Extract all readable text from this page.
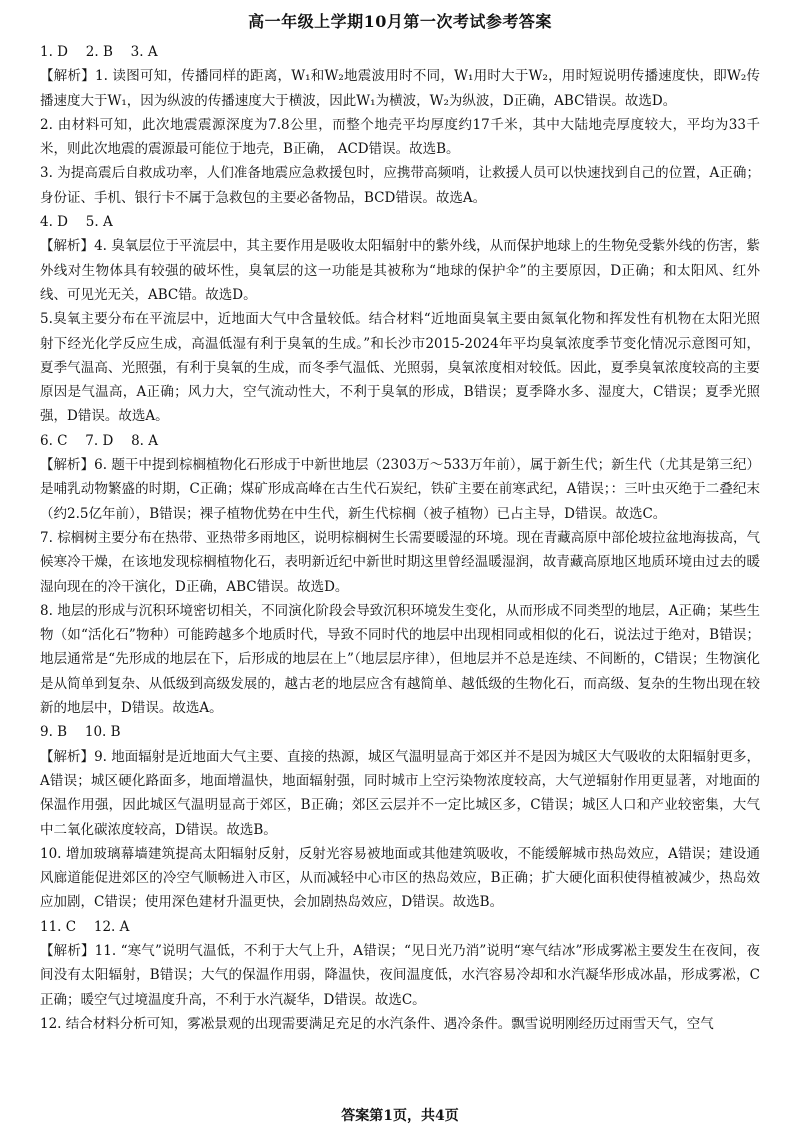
高一年级上学期10月第一次考试参考答案
1. D　 2. B　 3. A
【解析】1. 读图可知，传播同样的距离，W₁和W₂地震波用时不同，W₁用时大于W₂，用时短说明传播速度快，即W₂传播速度大于W₁，因为纵波的传播速度大于横波，因此W₁为横波，W₂为纵波，D正确，ABC错误。故选D。
2. 由材料可知，此次地震震源深度为7.8公里，而整个地壳平均厚度约17千米，其中大陆地壳厚度较大，平均为33千米，则此次地震的震源最可能位于地壳，B正确， ACD错误。故选B。
3. 为提高震后自救成功率，人们准备地震应急救援包时，应携带高频哨，让救援人员可以快速找到自己的位置，A正确；身份证、手机、银行卡不属于急救包的主要必备物品，BCD错误。故选A。
4. D　 5. A
【解析】4. 臭氧层位于平流层中，其主要作用是吸收太阳辐射中的紫外线，从而保护地球上的生物免受紫外线的伤害，紫外线对生物体具有较强的破坏性，臭氧层的这一功能是其被称为“地球的保护伞”的主要原因，D正确；和太阳风、红外线、可见光无关，ABC错。故选D。
5.臭氧主要分布在平流层中，近地面大气中含量较低。结合材料“近地面臭氧主要由氮氧化物和挥发性有机物在太阳光照射下经光化学反应生成，高温低湿有利于臭氧的生成。”和长沙市2015-2024年平均臭氧浓度季节变化情况示意图可知，夏季气温高、光照强，有利于臭氧的生成，而冬季气温低、光照弱，臭氧浓度相对较低。因此，夏季臭氧浓度较高的主要原因是气温高，A正确；风力大，空气流动性大，不利于臭氧的形成，B错误；夏季降水多、湿度大，C错误；夏季光照强，D错误。故选A。
6. C　 7. D　 8. A
【解析】6. 题干中提到棕榈植物化石形成于中新世地层（2303万～533万年前），属于新生代；新生代（尤其是第三纪）是哺乳动物繁盛的时期，C正确；煤矿形成高峰在古生代石炭纪，铁矿主要在前寒武纪，A错误；：三叶虫灭绝于二叠纪末（约2.5亿年前），B错误；裸子植物优势在中生代，新生代棕榈（被子植物）已占主导，D错误。故选C。
7. 棕榈树主要分布在热带、亚热带多雨地区，说明棕榈树生长需要暖湿的环境。现在青藏高原中部伦坡拉盆地海拔高，气候寒冷干燥，在该地发现棕榈植物化石，表明新近纪中新世时期这里曾经温暖湿润，故青藏高原地区地质环境由过去的暖湿向现在的冷干演化，D正确，ABC错误。故选D。
8. 地层的形成与沉积环境密切相关，不同演化阶段会导致沉积环境发生变化，从而形成不同类型的地层，A正确；某些生物（如“活化石”物种）可能跨越多个地质时代，导致不同时代的地层中出现相同或相似的化石，说法过于绝对，B错误；地层通常是“先形成的地层在下，后形成的地层在上”（地层层序律），但地层并不总是连续、不间断的，C错误；生物演化是从简单到复杂、从低级到高级发展的，越古老的地层应含有越简单、越低级的生物化石，而高级、复杂的生物出现在较新的地层中，D错误。故选A。
9. B　 10. B
【解析】9. 地面辐射是近地面大气主要、直接的热源，城区气温明显高于郊区并不是因为城区大气吸收的太阳辐射更多，A错误；城区硬化路面多，地面增温快，地面辐射强，同时城市上空污染物浓度较高，大气逆辐射作用更显著，对地面的保温作用强，因此城区气温明显高于郊区，B正确；郊区云层并不一定比城区多，C错误；城区人口和产业较密集，大气中二氧化碳浓度较高，D错误。故选B。
10. 增加玻璃幕墙建筑提高太阳辐射反射，反射光容易被地面或其他建筑吸收，不能缓解城市热岛效应，A错误；建设通风廊道能促进郊区的冷空气顺畅进入市区，从而减轻中心市区的热岛效应，B正确；扩大硬化面积使得植被减少，热岛效应加剧，C错误；使用深色建材升温更快，会加剧热岛效应，D错误。故选B。
11. C　 12. A
【解析】11. “寒气”说明气温低，不利于大气上升，A错误；“见日光乃消”说明“寒气结冰”形成雾凇主要发生在夜间，夜间没有太阳辐射，B错误；大气的保温作用弱，降温快，夜间温度低，水汽容易冷却和水汽凝华形成冰晶，形成雾凇，C正确；暖空气过境温度升高，不利于水汽凝华，D错误。故选C。
12. 结合材料分析可知，雾凇景观的出现需要满足充足的水汽条件、遇冷条件。飘雪说明刚经历过雨雪天气，空气
答案第1页，共4页
